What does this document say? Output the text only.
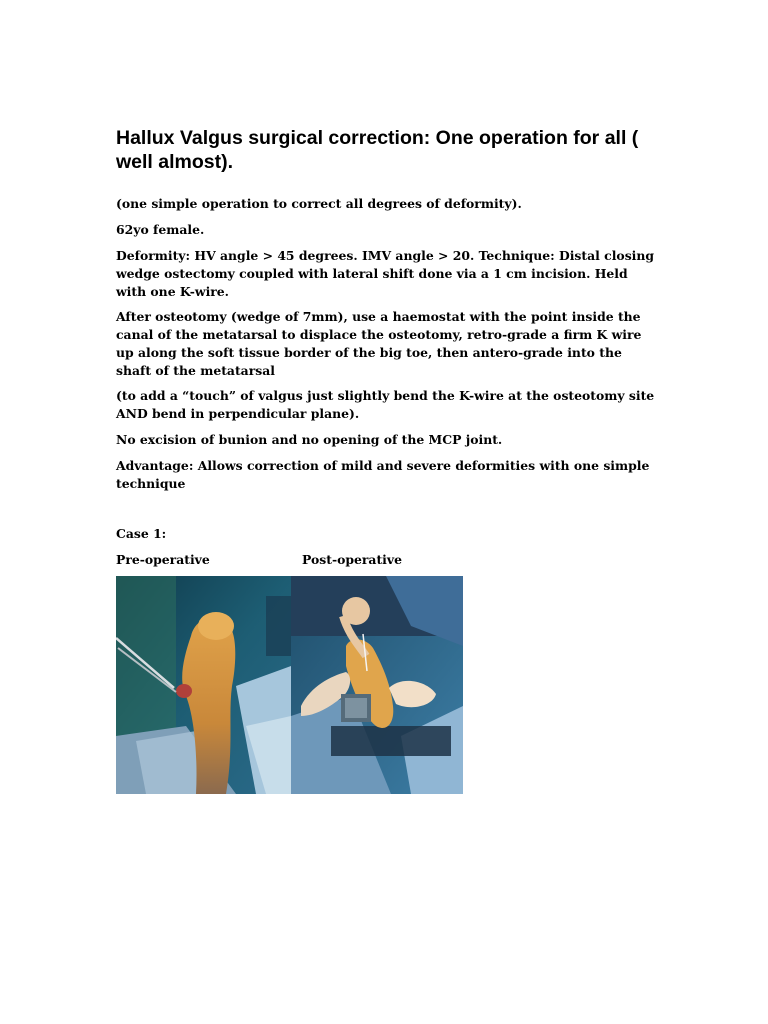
Hallux Valgus surgical correction: One operation for all ( well almost).

(one simple operation to correct all degrees of deformity).

62yo female.

Deformity: HV angle > 45 degrees. IMV angle > 20. Technique: Distal closing wedge ostectomy coupled with lateral shift done via a 1 cm incision. Held with one K-wire.

After osteotomy (wedge of 7mm), use a haemostat with the point inside the canal of the metatarsal to displace the osteotomy, retro-grade a firm K wire up along the soft tissue border of the big toe, then antero-grade into the shaft of the metatarsal

(to add a “touch” of valgus just slightly bend the K-wire at the osteotomy site AND bend in perpendicular plane).

No excision of bunion and no opening of the MCP joint.

Advantage: Allows correction of mild and severe deformities with one simple technique

Case 1:

Pre-operative	Post-operative
